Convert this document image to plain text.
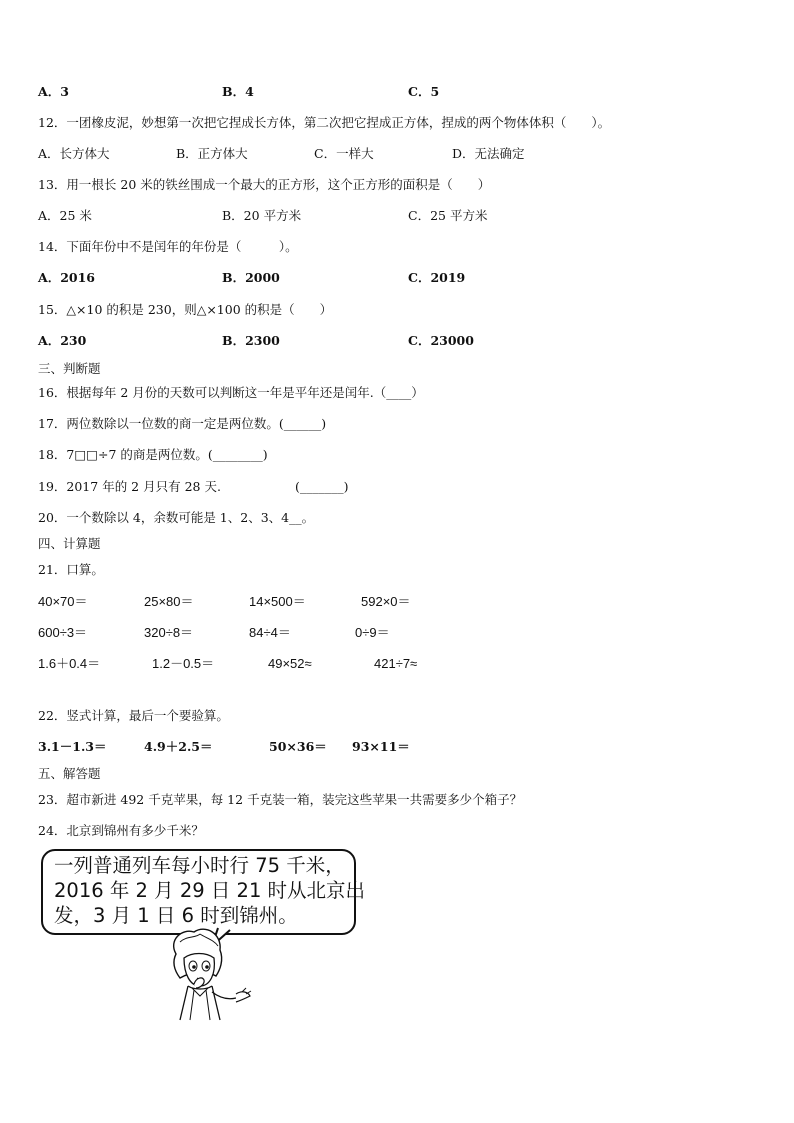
A．3	B．4	C．5
12．一团橡皮泥，妙想第一次把它捏成长方体，第二次把它捏成正方体，捏成的两个物体体积（　　）。
A．长方体大	B．正方体大	C．一样大	D．无法确定
13．用一根长 20 米的铁丝围成一个最大的正方形，这个正方形的面积是（　　）
A．25 米	B．20 平方米	C．25 平方米
14．下面年份中不是闰年的年份是（　　　）。
A．2016	B．2000	C．2019
15．△×10 的积是 230，则△×100 的积是（　　）
A．230	B．2300	C．23000
三、判断题
16．根据每年 2 月份的天数可以判断这一年是平年还是闰年.（____）
17．两位数除以一位数的商一定是两位数。(______)
18．7□□÷7 的商是两位数。(________)
19．2017 年的 2 月只有 28 天.	(_______)
20．一个数除以 4，余数可能是 1、2、3、4__。
四、计算题
21．口算。
40×70＝	25×80＝	14×500＝	592×0＝
600÷3＝	320÷8＝	84÷4＝	0÷9＝
1.6＋0.4＝	1.2－0.5＝	49×52≈	421÷7≈
22．竖式计算，最后一个要验算。
3.1－1.3＝	4.9＋2.5＝	50×36＝ 93×11＝
五、解答题
23．超市新进 492 千克苹果，每 12 千克装一箱，装完这些苹果一共需要多少个箱子？
24．北京到锦州有多少千米？
一列普通列车每小时行 75 千米，
2016 年 2 月 29 日 21 时从北京出
发，3 月 1 日 6 时到锦州。
